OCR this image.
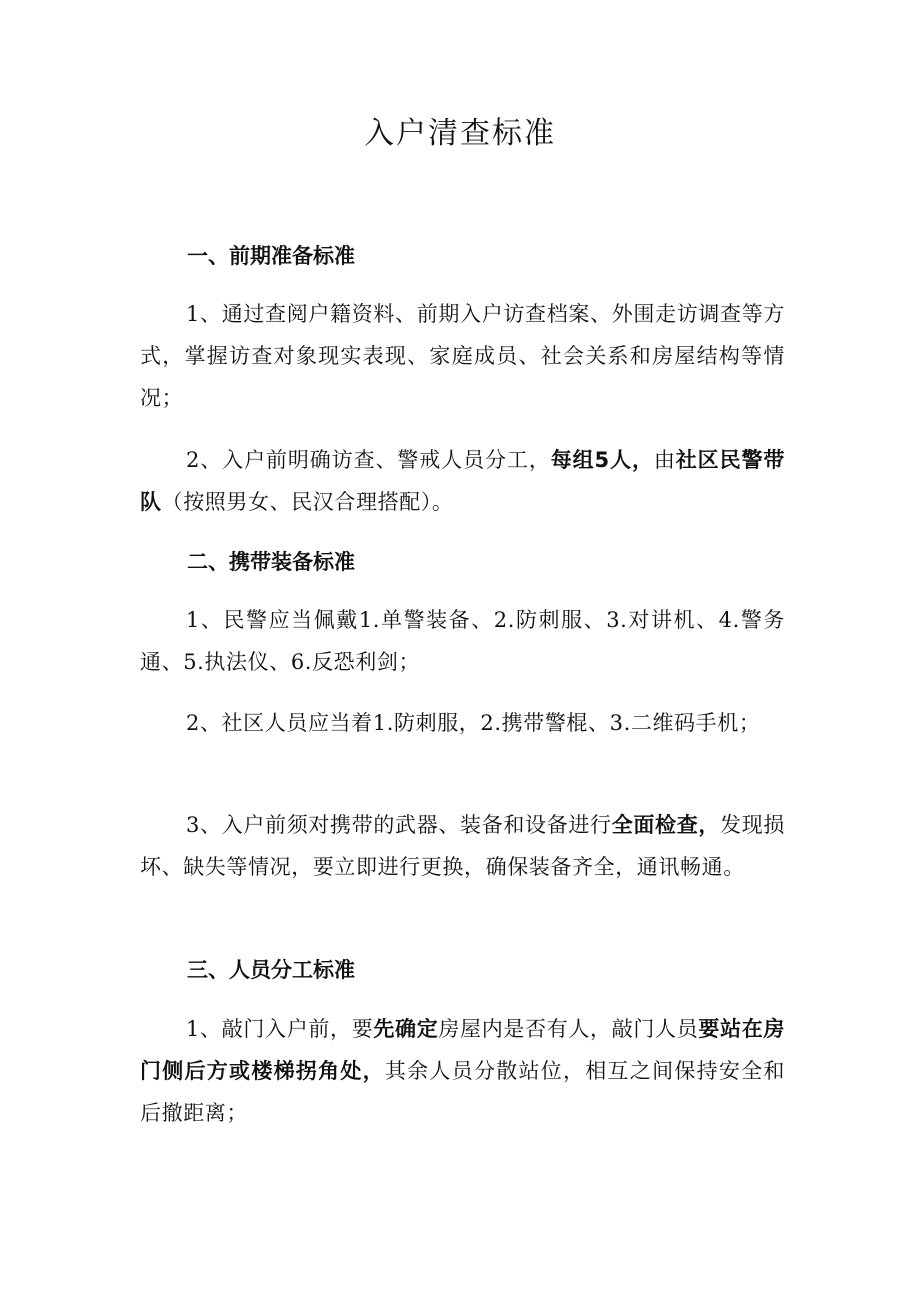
入户清查标准
一、前期准备标准

1、通过查阅户籍资料、前期入户访查档案、外围走访调查等方式，掌握访查对象现实表现、家庭成员、社会关系和房屋结构等情况；

2、入户前明确访查、警戒人员分工，每组5人，由社区民警带队（按照男女、民汉合理搭配）。

二、携带装备标准

1、民警应当佩戴1.单警装备、2.防刺服、3.对讲机、4.警务通、5.执法仪、6.反恐利剑；

2、社区人员应当着1.防刺服，2.携带警棍、3.二维码手机；

3、入户前须对携带的武器、装备和设备进行全面检查，发现损坏、缺失等情况，要立即进行更换，确保装备齐全，通讯畅通。

三、人员分工标准

1、敲门入户前，要先确定房屋内是否有人，敲门人员要站在房门侧后方或楼梯拐角处，其余人员分散站位，相互之间保持安全和后撤距离；
